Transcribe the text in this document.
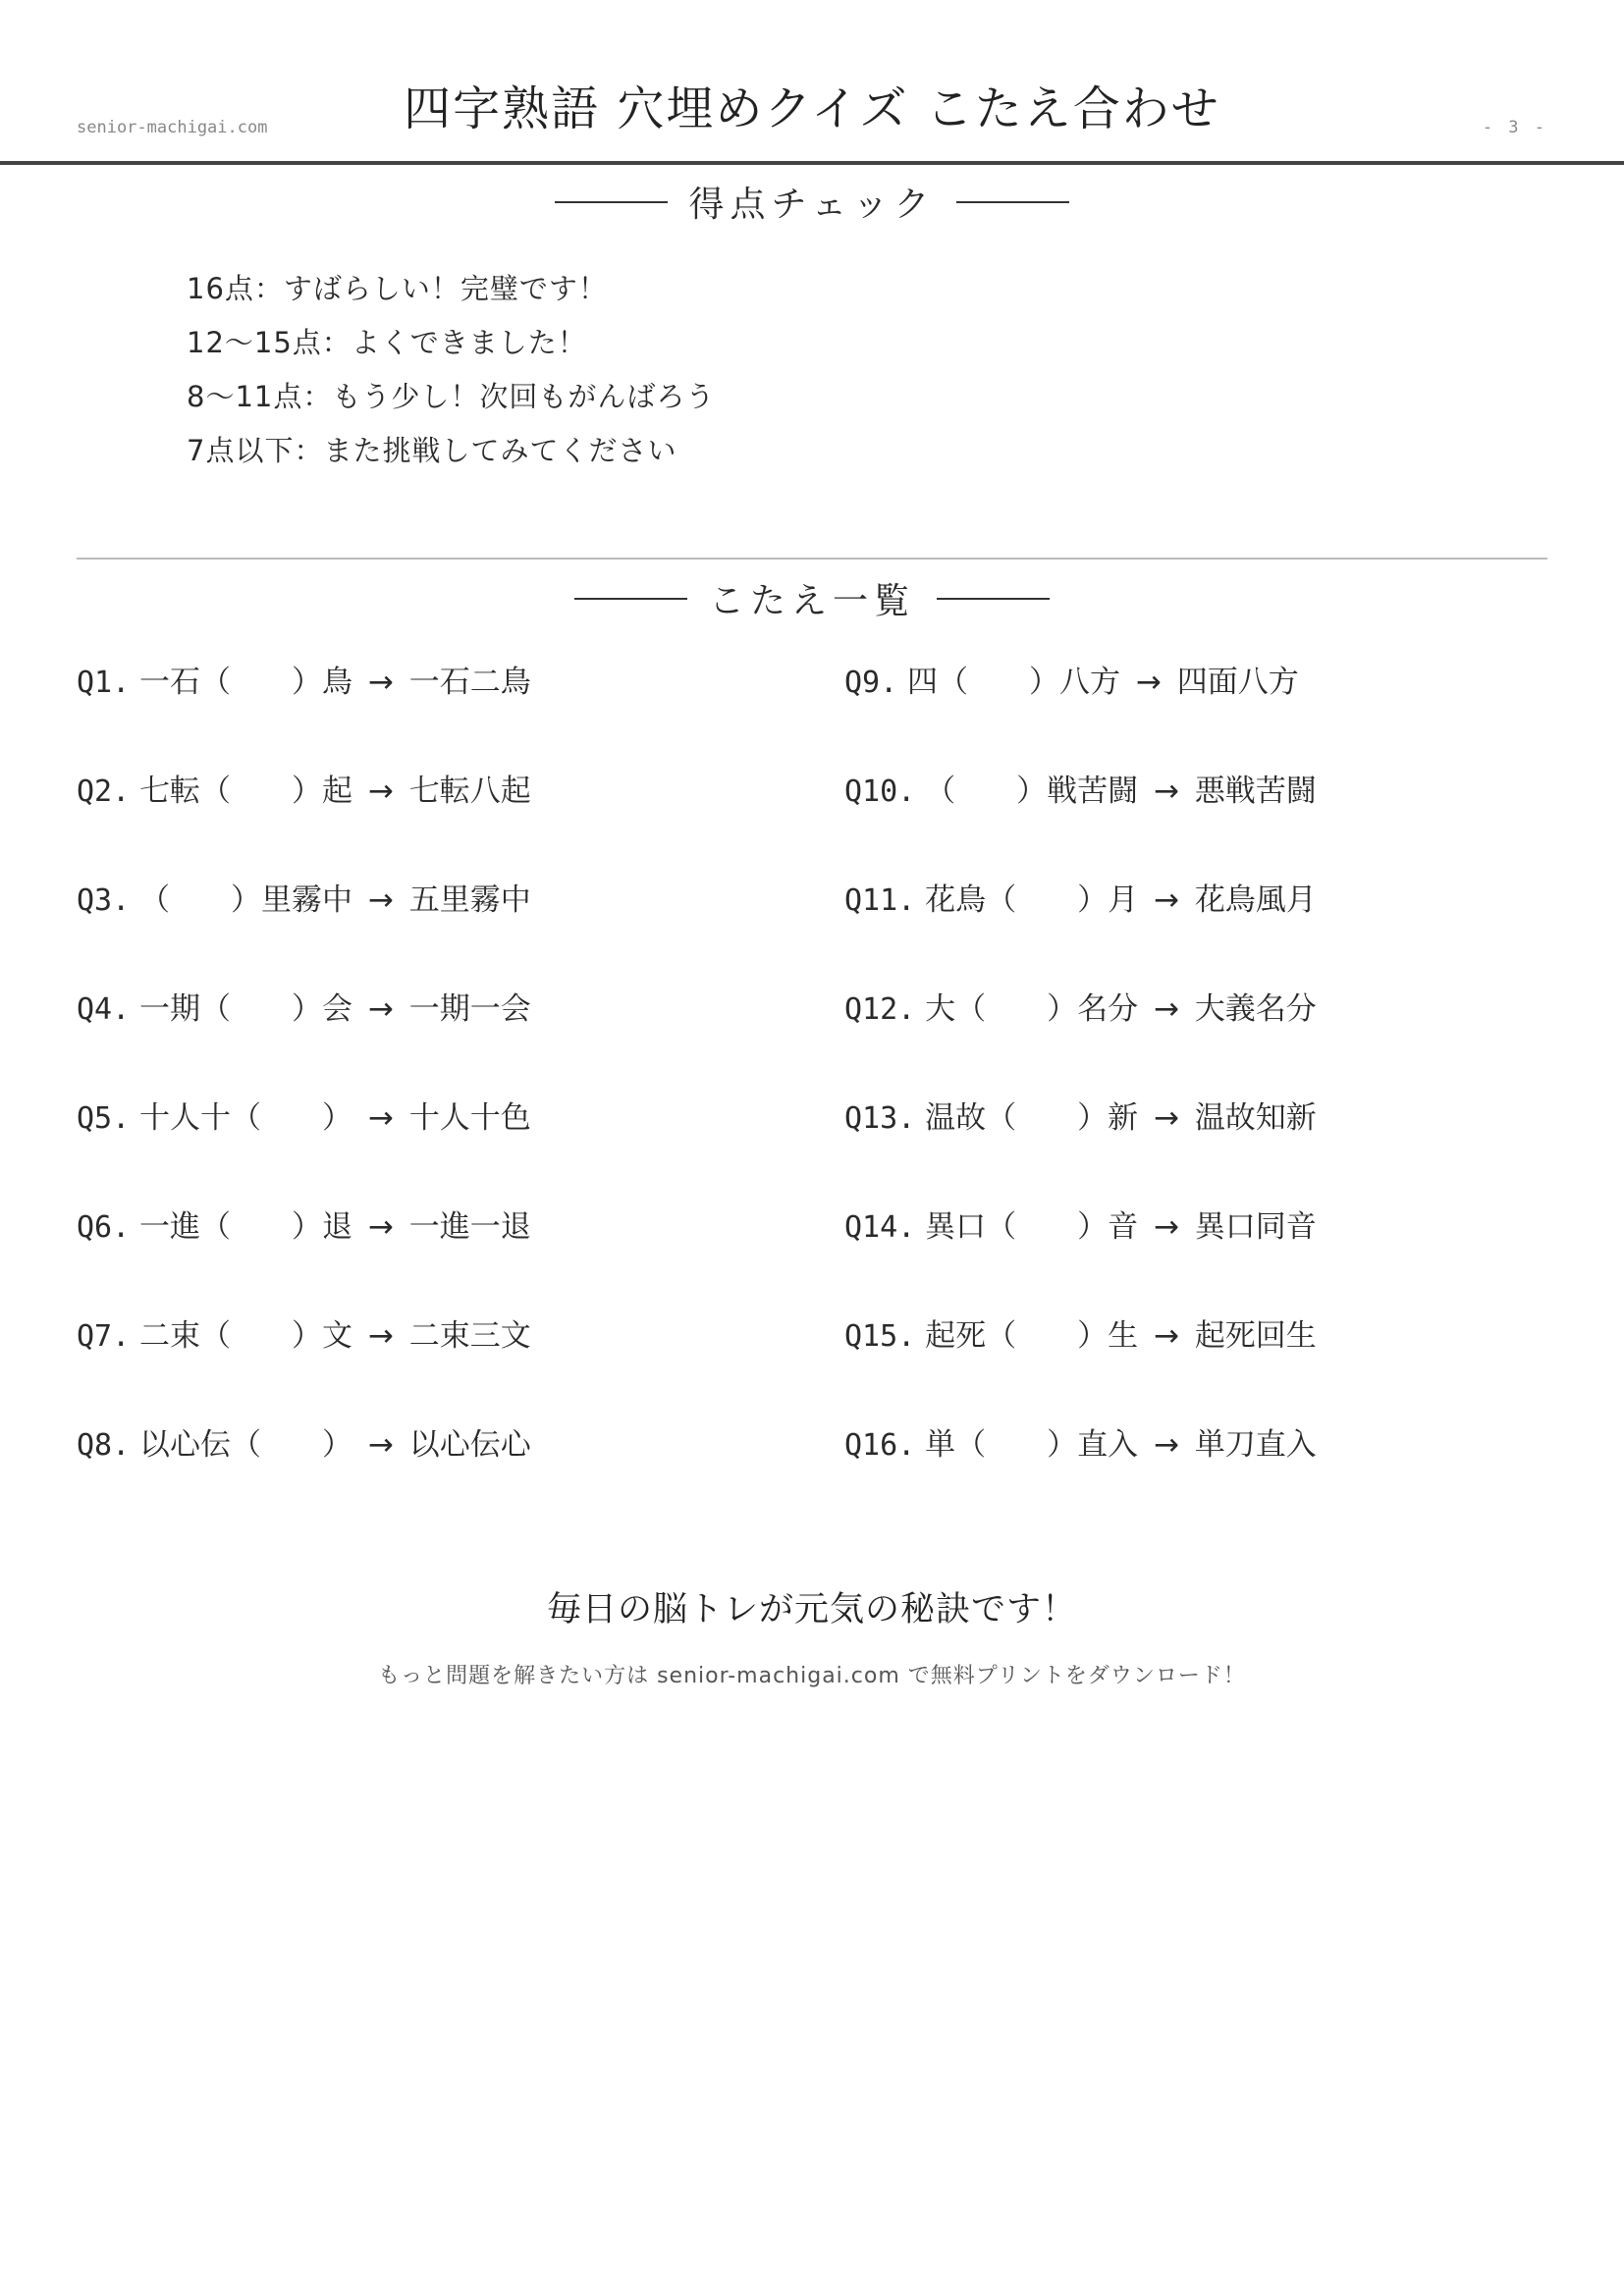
四字熟語 穴埋めクイズ こたえ合わせ
senior-machigai.com	- 3 -
得点チェック
16点：すばらしい！完璧です！
12〜15点：よくできました！
8〜11点：もう少し！次回もがんばろう
7点以下：また挑戦してみてください
こたえ一覧
Q1. 一石（　　）鳥 → 一石二鳥
Q2. 七転（　　）起 → 七転八起
Q3. （　　）里霧中 → 五里霧中
Q4. 一期（　　）会 → 一期一会
Q5. 十人十（　　） → 十人十色
Q6. 一進（　　）退 → 一進一退
Q7. 二束（　　）文 → 二束三文
Q8. 以心伝（　　） → 以心伝心
Q9. 四（　　）八方 → 四面八方
Q10. （　　）戦苦闘 → 悪戦苦闘
Q11. 花鳥（　　）月 → 花鳥風月
Q12. 大（　　）名分 → 大義名分
Q13. 温故（　　）新 → 温故知新
Q14. 異口（　　）音 → 異口同音
Q15. 起死（　　）生 → 起死回生
Q16. 単（　　）直入 → 単刀直入
毎日の脳トレが元気の秘訣です！
もっと問題を解きたい方は senior-machigai.com で無料プリントをダウンロード！
